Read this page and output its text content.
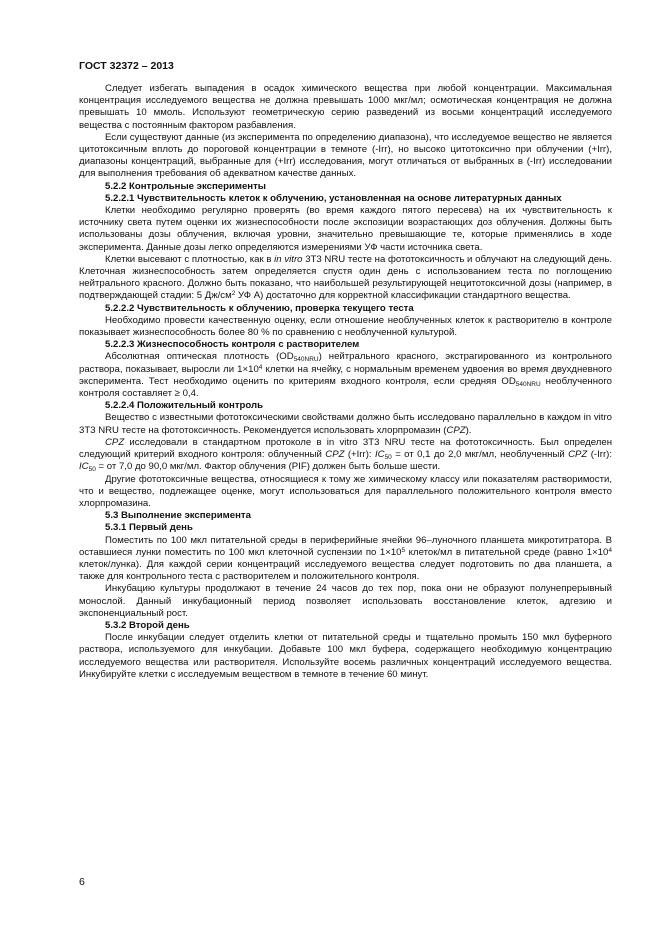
ГОСТ 32372 – 2013

Следует избегать выпадения в осадок химического вещества при любой концентрации. Максимальная концентрация исследуемого вещества не должна превышать 1000 мкг/мл; осмотическая концентрация не должна превышать 10 ммоль. Используют геометрическую серию разведений из восьми концентраций исследуемого вещества с постоянным фактором разбавления.

Если существуют данные (из эксперимента по определению диапазона), что исследуемое вещество не является цитотоксичным вплоть до пороговой концентрации в темноте (-Irr), но высоко цитотоксично при облучении (+Irr), диапазоны концентраций, выбранные для (+Irr) исследования, могут отличаться от выбранных в (-Irr) исследовании для выполнения требования об адекватном качестве данных.

5.2.2 Контрольные эксперименты

5.2.2.1 Чувствительность клеток к облучению, установленная на основе литературных данных

Клетки необходимо регулярно проверять (во время каждого пятого пересева) на их чувствительность к источнику света путем оценки их жизнеспособности после экспозиции возрастающих доз облучения. Должны быть использованы дозы облучения, включая уровни, значительно превышающие те, которые применялись в ходе эксперимента. Данные дозы легко определяются измерениями УФ части источника света.

Клетки высевают с плотностью, как в in vitro 3T3 NRU тесте на фототоксичность и облучают на следующий день. Клеточная жизнеспособность затем определяется спустя один день с использованием теста по поглощению нейтрального красного. Должно быть показано, что наибольшей результирующей нецитотоксичной дозы (например, в подтверждающей стадии: 5 $Дж/см^2$ УФ А) достаточно для корректной классификации стандартного вещества.

5.2.2.2 Чувствительность к облучению, проверка текущего теста

Необходимо провести качественную оценку, если отношение необлученных клеток к растворителю в контроле показывает жизнеспособность более 80 % по сравнению с необлученной культурой.

5.2.2.3 Жизнеспособность контроля с растворителем

Абсолютная оптическая плотность $(OD_{540NRU})$ нейтрального красного, экстрагированного из контрольного раствора, показывает, выросли ли $1\times 10^4$ клетки на ячейку, с нормальным временем удвоения во время двухдневного эксперимента. Тест необходимо оценить по критериям входного контроля, если средняя $OD_{540NRU}$ необлученного контроля составляет ≥ 0,4.

5.2.2.4 Положительный контроль

Вещество с известными фототоксическими свойствами должно быть исследовано параллельно в каждом in vitro 3T3 NRU тесте на фототоксичность. Рекомендуется использовать хлорпромазин (CPZ).

CPZ исследовали в стандартном протоколе в in vitro 3T3 NRU тесте на фототоксичность. Был определен следующий критерий входного контроля: облученный CPZ (+Irr): $IC_{50}$ = от 0,1 до 2,0 мкг/мл, необлученный CPZ (-Irr): $IC_{50}$ = от 7,0 до 90,0 мкг/мл. Фактор облучения (PIF) должен быть больше шести.

Другие фототоксичные вещества, относящиеся к тому же химическому классу или показателям растворимости, что и вещество, подлежащее оценке, могут использоваться для параллельного положительного контроля вместо хлорпромазина.

5.3 Выполнение эксперимента

5.3.1 Первый день

Поместить по 100 мкл питательной среды в периферийные ячейки 96–луночного планшета микротитратора. В оставшиеся лунки поместить по 100 мкл клеточной суспензии по $1\times 10^5$ клеток/мл в питательной среде (равно $1\times 10^4$ клеток/лунка). Для каждой серии концентраций исследуемого вещества следует подготовить по два планшета, а также для контрольного теста с растворителем и положительного контроля.

Инкубацию культуры продолжают в течение 24 часов до тех пор, пока они не образуют полунепрерывный монослой. Данный инкубационный период позволяет использовать восстановление клеток, адгезию и экспоненциальный рост.

5.3.2 Второй день

После инкубации следует отделить клетки от питательной среды и тщательно промыть 150 мкл буферного раствора, используемого для инкубации. Добавьте 100 мкл буфера, содержащего необходимую концентрацию исследуемого вещества или растворителя. Используйте восемь различных концентраций исследуемого вещества. Инкубируйте клетки с исследуемым веществом в темноте в течение 60 минут.

6
